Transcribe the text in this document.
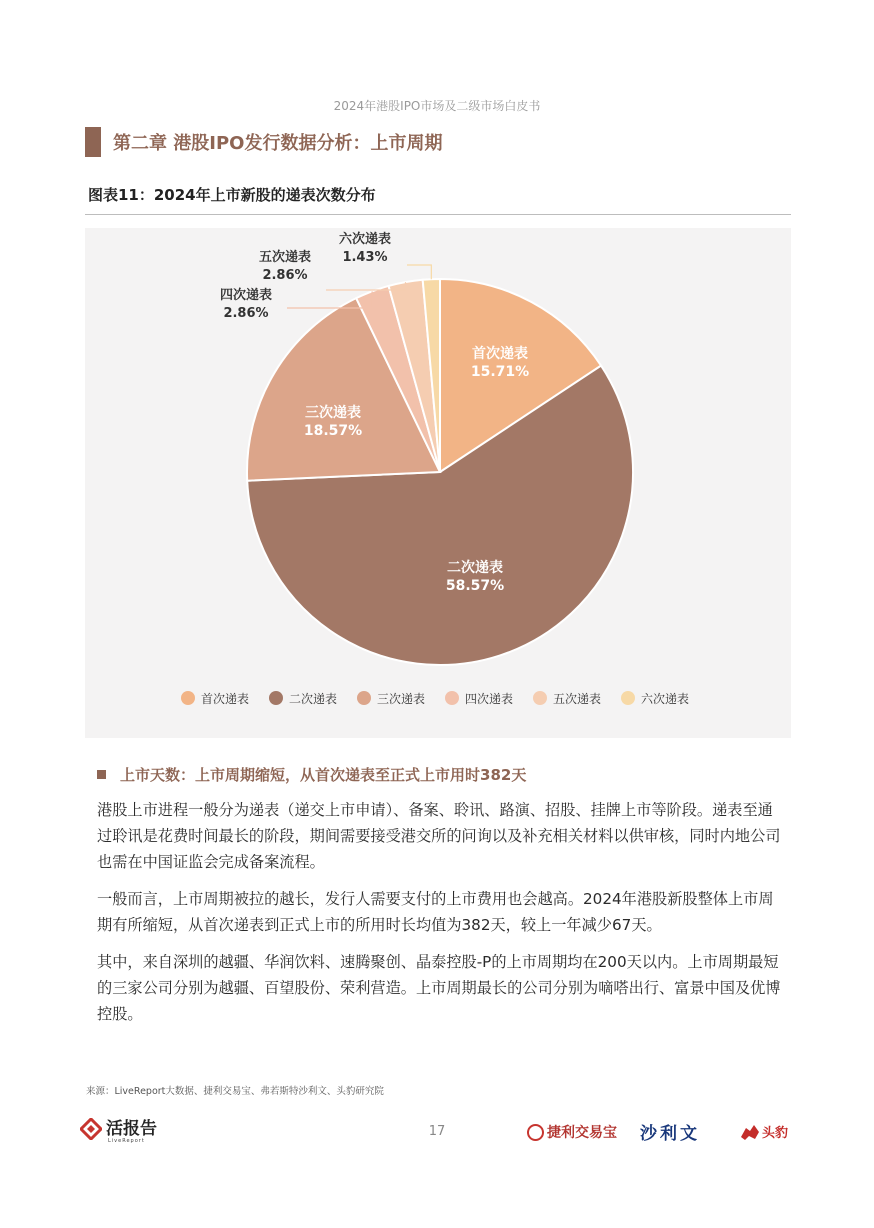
2024年港股IPO市场及二级市场白皮书
第二章 港股IPO发行数据分析：上市周期
图表11：2024年上市新股的递表次数分布
首次递表
15.71%
二次递表
58.57%
三次递表
18.57%
四次递表
2.86%
五次递表
2.86%
六次递表
1.43%
首次递表	二次递表	三次递表	四次递表	五次递表	六次递表
上市天数：上市周期缩短，从首次递表至正式上市用时382天

港股上市进程一般分为递表（递交上市申请）、备案、聆讯、路演、招股、挂牌上市等阶段。递表至通过聆讯是花费时间最长的阶段，期间需要接受港交所的问询以及补充相关材料以供审核，同时内地公司也需在中国证监会完成备案流程。

一般而言，上市周期被拉的越长，发行人需要支付的上市费用也会越高。2024年港股新股整体上市周期有所缩短，从首次递表到正式上市的所用时长均值为382天，较上一年减少67天。

其中，来自深圳的越疆、华润饮料、速腾聚创、晶泰控股-P的上市周期均在200天以内。上市周期最短的三家公司分别为越疆、百望股份、荣利营造。上市周期最长的公司分别为嘀嗒出行、富景中国及优博控股。

来源：LiveReport大数据、捷利交易宝、弗若斯特沙利文、头豹研究院
17
活报告
LiveReport	捷利交易宝 沙利文	头豹
